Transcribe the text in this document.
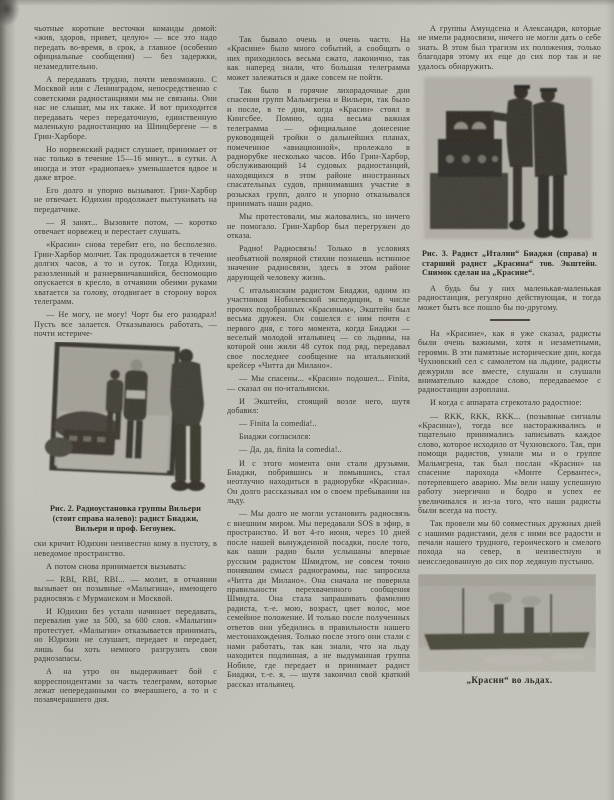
чьотные короткие весточки команды домой: «жив, здоров, привет, целую» — все это надо передать во-время, в срок, а главное (особенно официальные сообщения) — без задержки, незамедлительно.

А передавать трудно, почти невозможно. С Москвой или с Ленинградом, непосредственно с советскими радиостанциями мы не связаны. Они нас не слышат, мы их также. И вот приходится передавать через передаточную, единственную маленькую радиостанцию на Шпицбергене — в Грин-Харборе.

Но норвежский радист слушает, принимает от нас только в течение 15—16 минут... в сутки. А иногда и этот «радиопаек» уменьшается вдвое и даже втрое.

Его долго и упорно вызывают. Грин-Харбор не отвечает. Юдихин продолжает выстукивать на передатчике.

— Я занят... Вызовите потом, — коротко отвечает норвежец и перестает слушать.

«Красин» снова теребит его, но бесполезно. Грин-Харбор молчит. Так продолжается в течение долгих часов, а то и суток. Тогда Юдихин, разозленный и разнервничавшийся, беспомощно опускается в кресло, в отчаянии обеими руками хватается за голову, отодвигает в сторону ворох телеграмм.

— Не могу, не могу! Чорт бы его разодрал! Пусть все залается. Отказываюсь работать, — почти истериче-

Рис. 2. Радиоустановка группы Вильери (стоят справа налево): радист Биаджи, Вильери и проф. Бегоунек.

ски кричит Юдихин неизвестно кому в пустоту, в неведомое пространство.

А потом снова принимается вызывать:

— RBI, RBI, RBI... — молит, в отчаянии вызывает он позывные «Малыгина», имеющего радиосвязь с Мурманском и Москвой.

И Юдихин без устали начинает передавать, перевалив уже за 500, за 600 слов. «Малыгин» протестует. «Малыгин» отказывается принимать, но Юдихин не слушает, передает и передает, лишь бы хоть немного разгрузить свои радиозапасы.

А на утро он выдерживает бой с корреспондентами за часть телеграмм, которые лежат непереданными со вчерашнего, а то и с позавчерашнего дня.

Так бывало очень и очень часто. На «Красине» было много событий, а сообщать о них приходилось весьма сжато, лаконично, так как наперед знали, что большая телеграмма может залежаться и даже совсем не пойти.

Так было в горячие лихорадочные дни спасения групп Мальмгрена и Вильери, так было и после, в те дни, когда «Красин» стоял в Кингсбее. Помню, одна весьма важная телеграмма — официальное донесение руководящей тройки о дальнейших планах, помеченное «авиационной», пролежало в радиорубке несколько часов. Ибо Грин-Харбор, обслуживающий 14 судовых радиостанций, находящихся в этом районе иностранных спасательных судов, принимавших участие в розысках групп, долго и упорно отказывался принимать наши радио.

Мы протестовали, мы жаловались, но ничего не помогало. Грин-Харбор был перегружен до отказа.

Радио! Радиосвязь! Только в условиях необъятной полярной стихии познаешь истинное значение радиосвязи, здесь в этом районе дарующей человеку жизнь.

С итальянским радистом Биаджи, одним из участников Нобилевской экспедиции, в числе прочих подобранных «Красиным», Экштейн был весьма дружен. Он сошелся с ним почти с первого дня, с того момента, когда Биаджи — веселый молодой итальянец — со льдины, на которой они жили 48 суток под ряд, передавал свое последнее сообщение на итальянский крейсер «Читта ди Милано».

— Мы спасены... «Красин» подошел... Finita, — сказал он по-итальянски.

И Экштейн, стоящий возле него, шутя добавил:

— Finita la comedia!..

Биаджи согласился:

— Да, да, finita la comedia!..

И с этого момента они стали друзьями. Биаджи, побрившись и помывшись, стал неотлучно находиться в радиорубке «Красина». Он долго рассказывал им о своем пребывании на льду.

— Мы долго не могли установить радиосвязь с внешним миром. Мы передавали SOS в эфир, в пространство. И вот 4-го июня, через 10 дней после нашей вынужденной посадки, после того, как наши радио были услышаны впервые русским радистом Шмидтом, не совсем точно понявшим смысл радиограммы, нас запросила «Читта ди Милано». Она сначала не поверила правильности перехваченного сообщения Шмидта. Она стала запрашивать фамилию радиста, т.-е. мою, возраст, цвет волос, мое семейное положение. И только после полученных ответов они убедились в правильности нашего местонахождения. Только после этого они стали с нами работать, так как знали, что на льду находится подлинная, а не выдуманная группа Нобиле, где передает и принимает радист Биаджи, т.-е. я, — шутя закончил свой краткий рассказ итальянец.

А группы Амундсена и Александри, которые не имели радиосвязи, ничего не могли дать о себе знать. В этом был трагизм их положения, только благодаря этому их еще до сих пор так и не удалось обнаружить.

Рис. 3. Радист „Италии“ Биаджи (справа) и старший радист „Красина“ тов. Экштейн. Снимок сделан на „Красине“.

А будь бы у них маленькая-маленькая радиостанция, регулярно действующая, и тогда может быть все пошло бы по-другому.

На «Красине», как я уже сказал, радисты были очень важными, хотя и незаметными, героями. В эти памятные исторические дни, когда Чухновский сел с самолетом на льдине, радисты дежурили все вместе, слушали и слушали внимательно каждое слово, передаваемое с радиостанции аэроплана.

И когда с аппарата стрекотало радостное:

— RKK, RKK, RKK... (позывные сигналы «Красина»), тогда все настораживались и тщательно принимались записывать каждое слово, которое исходило от Чухновского. Так, при помощи радистов, узнали мы и о группе Мальмгрена, так был послан «Красин» на спасение парохода «Монте Сервантес», потерпевшего аварию. Мы вели нашу успешную работу энергично и бодро и успех ее увеличивался и из-за того, что наши радисты были всегда на посту.

Так провели мы 60 совместных дружных дней с нашими радистами, деля с ними все радости и печали нашего трудного, героического и смелого похода на север, в неизвестную и неисследованную до сих пор ледяную пустыню.

„Красин“ во льдах.
